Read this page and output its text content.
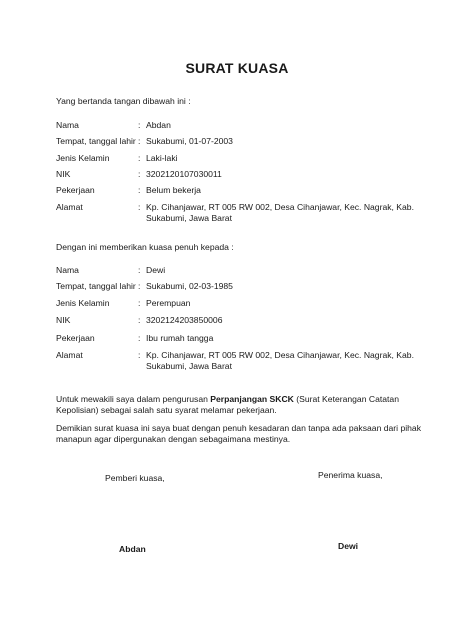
SURAT KUASA
Yang bertanda tangan dibawah ini :
Nama	: Abdan
Tempat, tanggal lahir : Sukabumi, 01-07-2003
Jenis Kelamin	: Laki-laki
NIK	: 3202120107030011
Pekerjaan	: Belum bekerja
Alamat	: Kp. Cihanjawar, RT 005 RW 002, Desa Cihanjawar, Kec. Nagrak, Kab. Sukabumi, Jawa Barat
Dengan ini memberikan kuasa penuh kepada :
Nama	: Dewi
Tempat, tanggal lahir : Sukabumi, 02-03-1985
Jenis Kelamin	: Perempuan
NIK	: 3202124203850006
Pekerjaan	: Ibu rumah tangga
Alamat	: Kp. Cihanjawar, RT 005 RW 002, Desa Cihanjawar, Kec. Nagrak, Kab. Sukabumi, Jawa Barat
Untuk mewakili saya dalam pengurusan Perpanjangan SKCK (Surat Keterangan Catatan Kepolisian) sebagai salah satu syarat melamar pekerjaan.
Demikian surat kuasa ini saya buat dengan penuh kesadaran dan tanpa ada paksaan dari pihak manapun agar dipergunakan dengan sebagaimana mestinya.
Pemberi kuasa,	Penerima kuasa,
Abdan	Dewi
